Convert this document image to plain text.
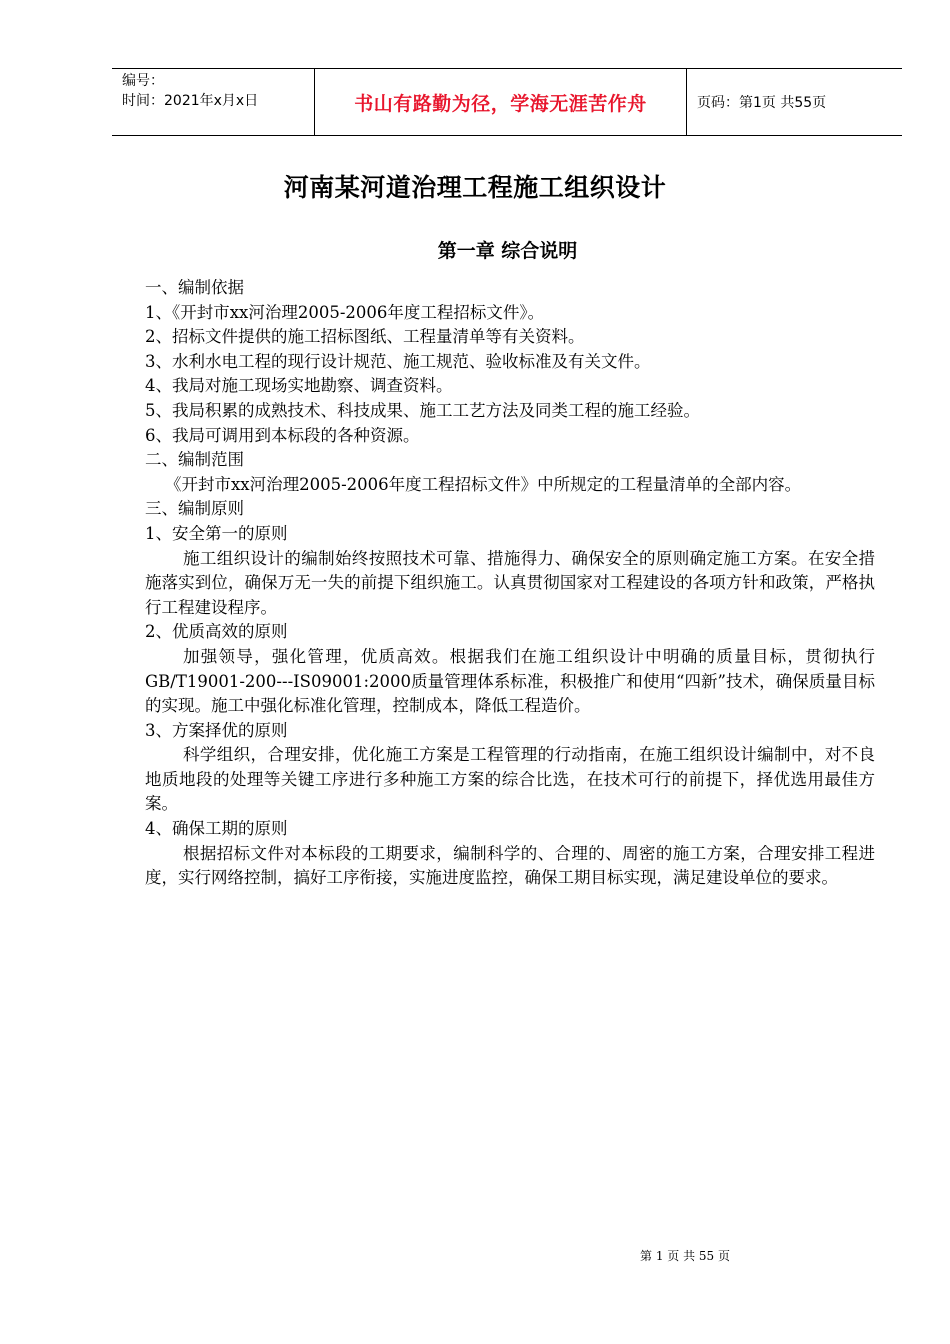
编号：
时间：2021年x月x日	书山有路勤为径，学海无涯苦作舟	页码：第1页 共55页
河南某河道治理工程施工组织设计
第一章 综合说明

一、编制依据

1、《开封市xx河治理2005-2006年度工程招标文件》。

2、招标文件提供的施工招标图纸、工程量清单等有关资料。

3、水利水电工程的现行设计规范、施工规范、验收标准及有关文件。

4、我局对施工现场实地勘察、调查资料。

5、我局积累的成熟技术、科技成果、施工工艺方法及同类工程的施工经验。

6、我局可调用到本标段的各种资源。

二、编制范围

《开封市xx河治理2005-2006年度工程招标文件》中所规定的工程量清单的全部内容。

三、编制原则

1、安全第一的原则

施工组织设计的编制始终按照技术可靠、措施得力、确保安全的原则确定施工方案。在安全措施落实到位，确保万无一失的前提下组织施工。认真贯彻国家对工程建设的各项方针和政策，严格执行工程建设程序。

2、优质高效的原则

加强领导，强化管理，优质高效。根据我们在施工组织设计中明确的质量目标，贯彻执行GB/T19001-200---IS09001:2000质量管理体系标准，积极推广和使用“四新”技术，确保质量目标的实现。施工中强化标准化管理，控制成本，降低工程造价。

3、方案择优的原则

科学组织，合理安排，优化施工方案是工程管理的行动指南，在施工组织设计编制中，对不良地质地段的处理等关键工序进行多种施工方案的综合比选，在技术可行的前提下，择优选用最佳方案。

4、确保工期的原则

根据招标文件对本标段的工期要求，编制科学的、合理的、周密的施工方案，合理安排工程进度，实行网络控制，搞好工序衔接，实施进度监控，确保工期目标实现，满足建设单位的要求。

第 1 页 共 55 页
